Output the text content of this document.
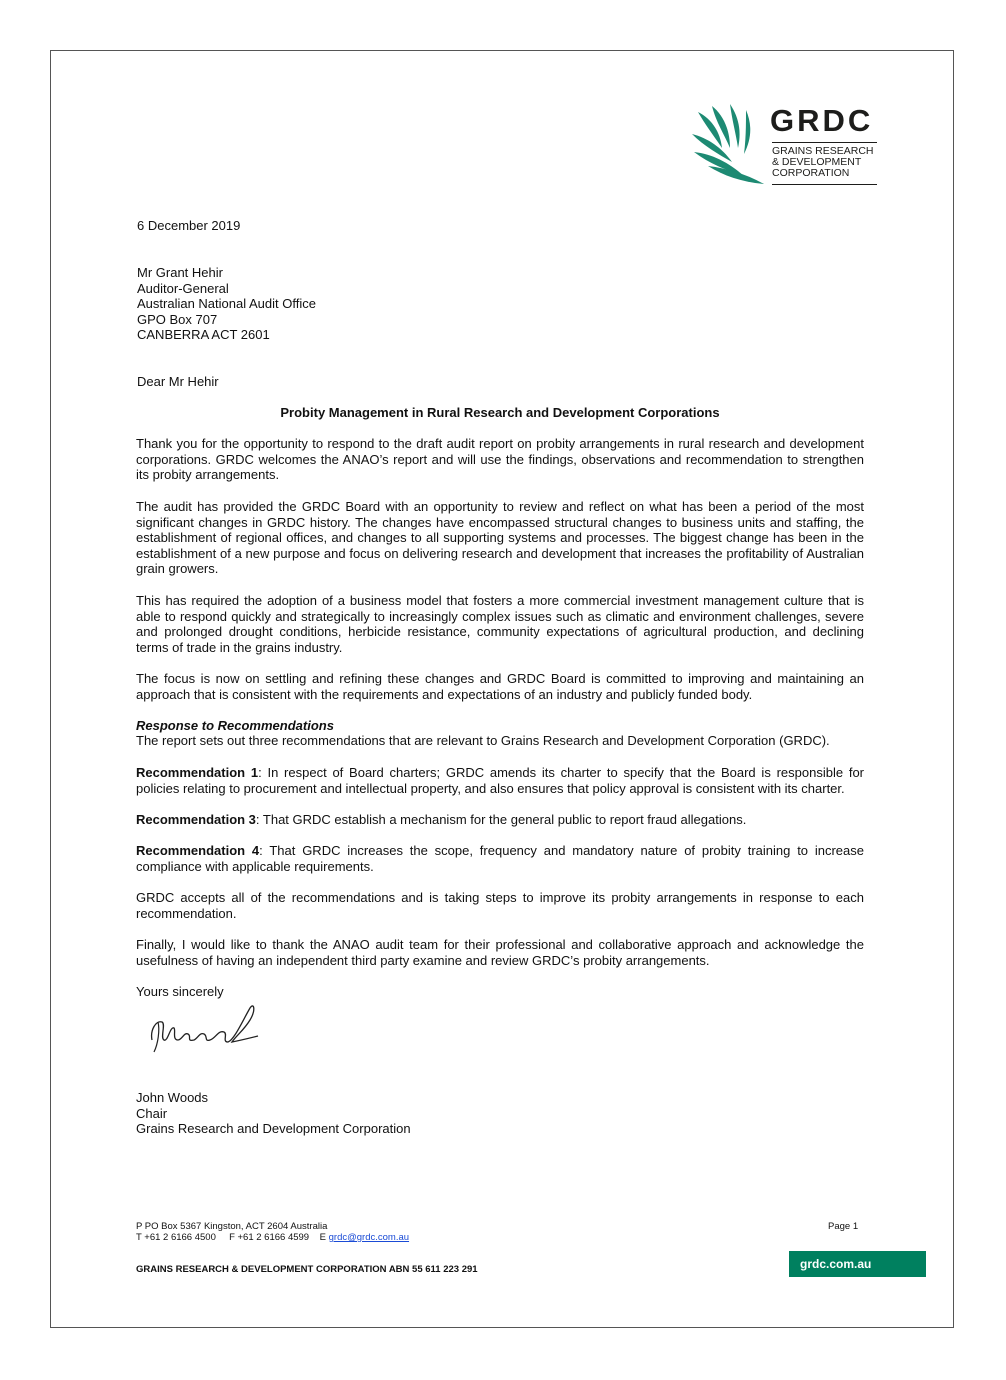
GRDC
GRAINS RESEARCH
& DEVELOPMENT
CORPORATION
6 December 2019
Mr Grant Hehir
Auditor-General
Australian National Audit Office
GPO Box 707
CANBERRA ACT 2601
Dear Mr Hehir
Probity Management in Rural Research and Development Corporations

Thank you for the opportunity to respond to the draft audit report on probity arrangements in rural research and development corporations. GRDC welcomes the ANAO’s report and will use the findings, observations and recommendation to strengthen its probity arrangements.

The audit has provided the GRDC Board with an opportunity to review and reflect on what has been a period of the most significant changes in GRDC history. The changes have encompassed structural changes to business units and staffing, the establishment of regional offices, and changes to all supporting systems and processes. The biggest change has been in the establishment of a new purpose and focus on delivering research and development that increases the profitability of Australian grain growers.

This has required the adoption of a business model that fosters a more commercial investment management culture that is able to respond quickly and strategically to increasingly complex issues such as climatic and environment challenges, severe and prolonged drought conditions, herbicide resistance, community expectations of agricultural production, and declining terms of trade in the grains industry.

The focus is now on settling and refining these changes and GRDC Board is committed to improving and maintaining an approach that is consistent with the requirements and expectations of an industry and publicly funded body.

Response to Recommendations

The report sets out three recommendations that are relevant to Grains Research and Development Corporation (GRDC).

Recommendation 1: In respect of Board charters; GRDC amends its charter to specify that the Board is responsible for policies relating to procurement and intellectual property, and also ensures that policy approval is consistent with its charter.

Recommendation 3: That GRDC establish a mechanism for the general public to report fraud allegations.

Recommendation 4: That GRDC increases the scope, frequency and mandatory nature of probity training to increase compliance with applicable requirements.

GRDC accepts all of the recommendations and is taking steps to improve its probity arrangements in response to each recommendation.

Finally, I would like to thank the ANAO audit team for their professional and collaborative approach and acknowledge the usefulness of having an independent third party examine and review GRDC’s probity arrangements.

Yours sincerely
John Woods
Chair
Grains Research and Development Corporation
P PO Box 5367 Kingston, ACT 2604 Australia
T +61 2 6166 4500 F +61 2 6166 4599 E grdc@grdc.com.au
Page 1
GRAINS RESEARCH & DEVELOPMENT CORPORATION ABN 55 611 223 291	grdc.com.au
